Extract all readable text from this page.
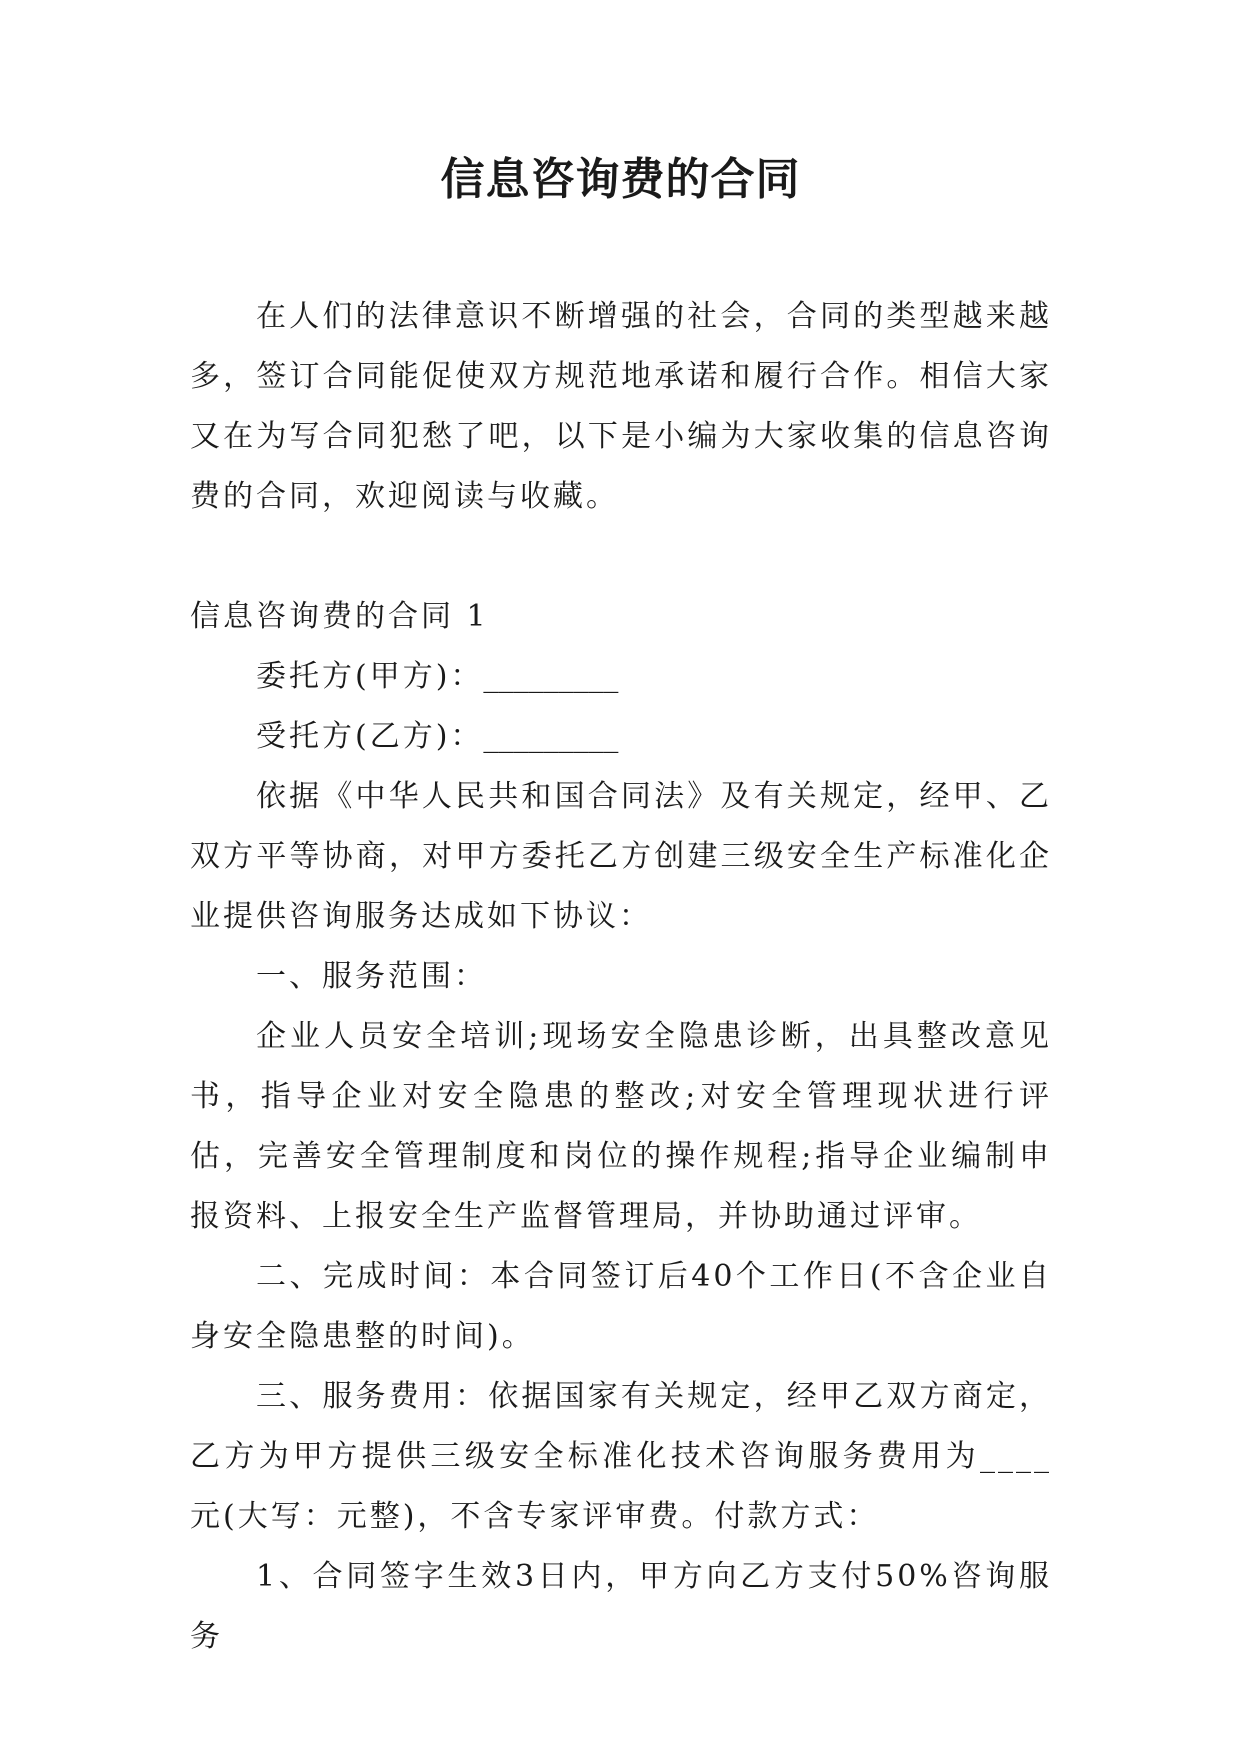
信息咨询费的合同

在人们的法律意识不断增强的社会，合同的类型越来越多，签订合同能促使双方规范地承诺和履行合作。相信大家又在为写合同犯愁了吧，以下是小编为大家收集的信息咨询费的合同，欢迎阅读与收藏。

信息咨询费的合同 1

委托方(甲方)：_________

受托方(乙方)：_________

依据《中华人民共和国合同法》及有关规定，经甲、乙双方平等协商，对甲方委托乙方创建三级安全生产标准化企业提供咨询服务达成如下协议：

一、服务范围：

企业人员安全培训;现场安全隐患诊断，出具整改意见书，指导企业对安全隐患的整改;对安全管理现状进行评估，完善安全管理制度和岗位的操作规程;指导企业编制申报资料、上报安全生产监督管理局，并协助通过评审。

二、完成时间：本合同签订后40个工作日(不含企业自身安全隐患整的时间)。

三、服务费用：依据国家有关规定，经甲乙双方商定，乙方为甲方提供三级安全标准化技术咨询服务费用为____元(大写：元整)，不含专家评审费。付款方式：

1、合同签字生效3日内，甲方向乙方支付50%咨询服务
